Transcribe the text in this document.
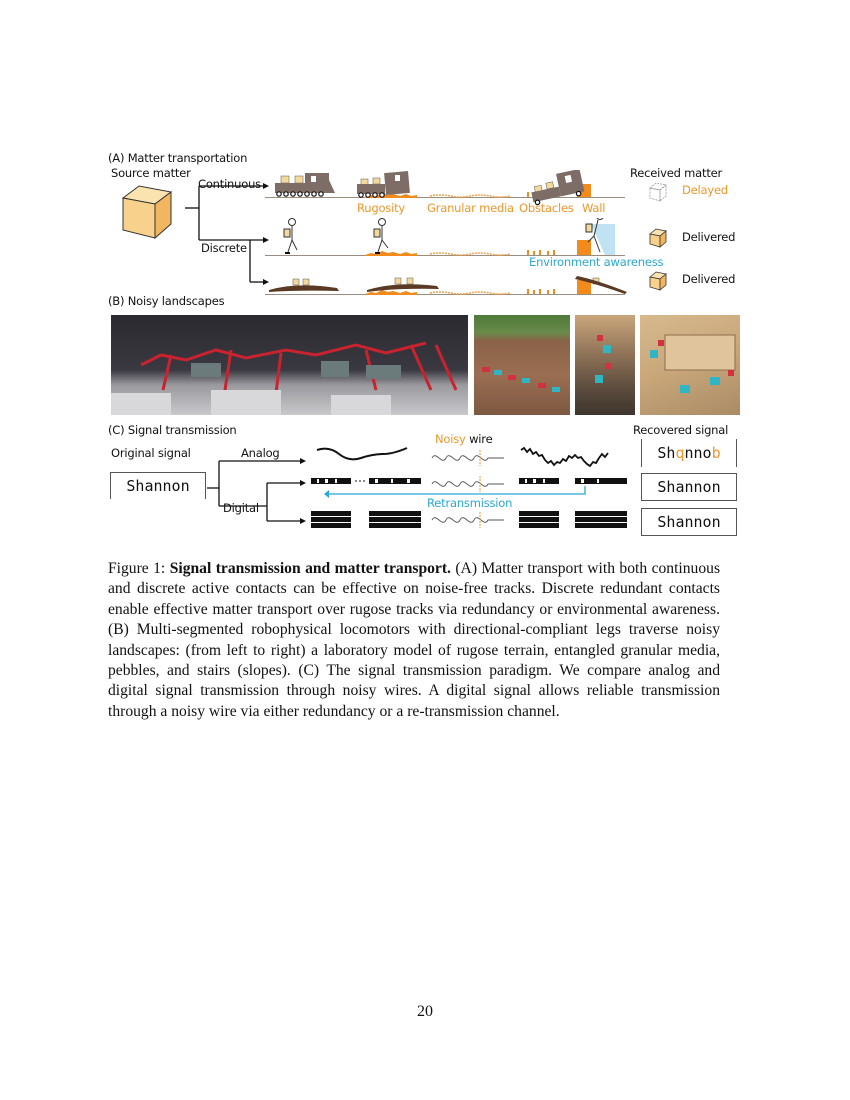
(A) Matter transportation
Source matter
Continuous
Discrete
Rugosity Granular media Obstacles Wall
Environment awareness
Received matter
Delayed
Delivered
Delivered
(B) Noisy landscapes
(C) Signal transmission
Original signal
Shannon
Analog
Digital
Noisy wire
Retransmission
Recovered signal
Sh q nno b
Shannon
Shannon
Figure 1: Signal transmission and matter transport. (A) Matter transport with both continuous and discrete active contacts can be effective on noise-free tracks. Discrete redundant contacts enable effective matter transport over rugose tracks via redundancy or environmental awareness. (B) Multi-segmented robophysical locomotors with directional-compliant legs traverse noisy landscapes: (from left to right) a laboratory model of rugose terrain, entangled granular media, pebbles, and stairs (slopes). (C) The signal transmission paradigm. We compare analog and digital signal transmission through noisy wires. A digital signal allows reliable transmission through a noisy wire via either redundancy or a re-transmission channel.
20
